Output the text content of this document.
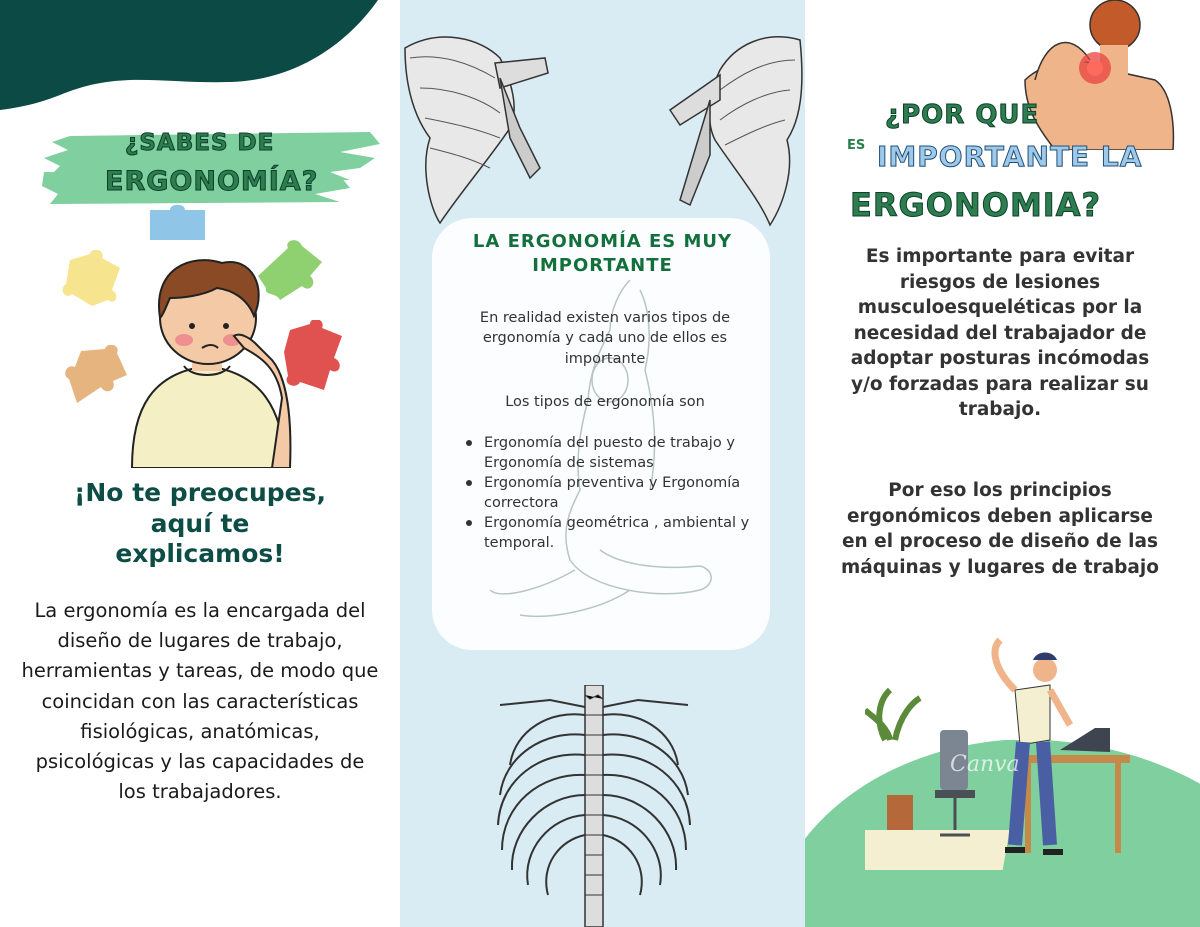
¿SABES DE
ERGONOMÍA?
¡No te preocupes,
aquí te
explicamos!
La ergonomía es la encargada del diseño de lugares de trabajo, herramientas y tareas, de modo que coincidan con las características fisiológicas, anatómicas, psicológicas y las capacidades de los trabajadores.
LA ERGONOMÍA ES MUY
IMPORTANTE
En realidad existen varios tipos de ergonomía y cada uno de ellos es importante
Los tipos de ergonomía son
Ergonomía del puesto de trabajo y Ergonomía de sistemas
Ergonomía preventiva y Ergonomía correctora
Ergonomía geométrica , ambiental y temporal.
¿POR QUE
ES IMPORTANTE LA
ERGONOMIA?
Es importante para evitar riesgos de lesiones musculoesqueléticas por la necesidad del trabajador de adoptar posturas incómodas y/o forzadas para realizar su trabajo.
Por eso los principios ergonómicos deben aplicarse en el proceso de diseño de las máquinas y lugares de trabajo
Canva
